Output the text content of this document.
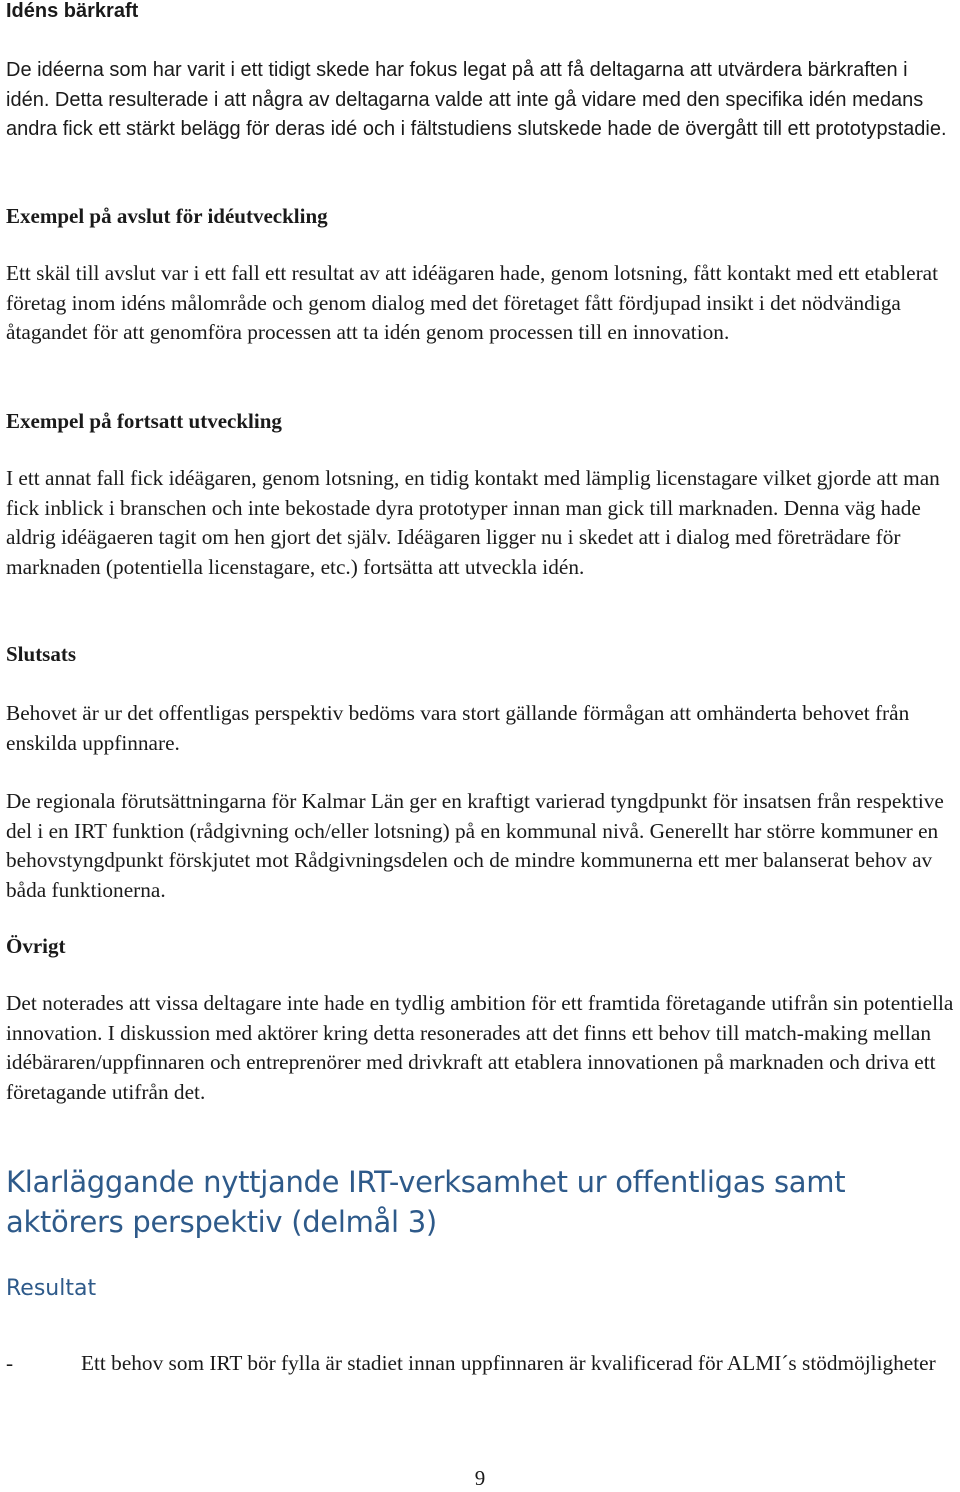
Idéns bärkraft

De idéerna som har varit i ett tidigt skede har fokus legat på att få deltagarna att utvärdera bärkraften i idén. Detta resulterade i att några av deltagarna valde att inte gå vidare med den specifika idén medans andra fick ett stärkt belägg för deras idé och i fältstudiens slutskede hade de övergått till ett prototypstadie.

Exempel på avslut för idéutveckling

Ett skäl till avslut var i ett fall ett resultat av att idéägaren hade, genom lotsning, fått kontakt med ett etablerat företag inom idéns målområde och genom dialog med det företaget fått fördjupad insikt i det nödvändiga åtagandet för att genomföra processen att ta idén genom processen till en innovation.

Exempel på fortsatt utveckling

I ett annat fall fick idéägaren, genom lotsning, en tidig kontakt med lämplig licenstagare vilket gjorde att man fick inblick i branschen och inte bekostade dyra prototyper innan man gick till marknaden. Denna väg hade aldrig idéägaeren tagit om hen gjort det själv. Idéägaren ligger nu i skedet att i dialog med företrädare för marknaden (potentiella licenstagare, etc.) fortsätta att utveckla idén.

Slutsats

Behovet är ur det offentligas perspektiv bedöms vara stort gällande förmågan att omhänderta behovet från enskilda uppfinnare.

De regionala förutsättningarna för Kalmar Län ger en kraftigt varierad tyngdpunkt för insatsen från respektive del i en IRT funktion (rådgivning och/eller lotsning) på en kommunal nivå. Generellt har större kommuner en behovstyngdpunkt förskjutet mot Rådgivningsdelen och de mindre kommunerna ett mer balanserat behov av båda funktionerna.

Övrigt

Det noterades att vissa deltagare inte hade en tydlig ambition för ett framtida företagande utifrån sin potentiella innovation. I diskussion med aktörer kring detta resonerades att det finns ett behov till match-making mellan idébäraren/uppfinnaren och entreprenörer med drivkraft att etablera innovationen på marknaden och driva ett företagande utifrån det.

Klarläggande nyttjande IRT-verksamhet ur offentligas samt aktörers perspektiv (delmål 3)
Resultat
-	Ett behov som IRT bör fylla är stadiet innan uppfinnaren är kvalificerad för ALMI´s stödmöjligheter
9
